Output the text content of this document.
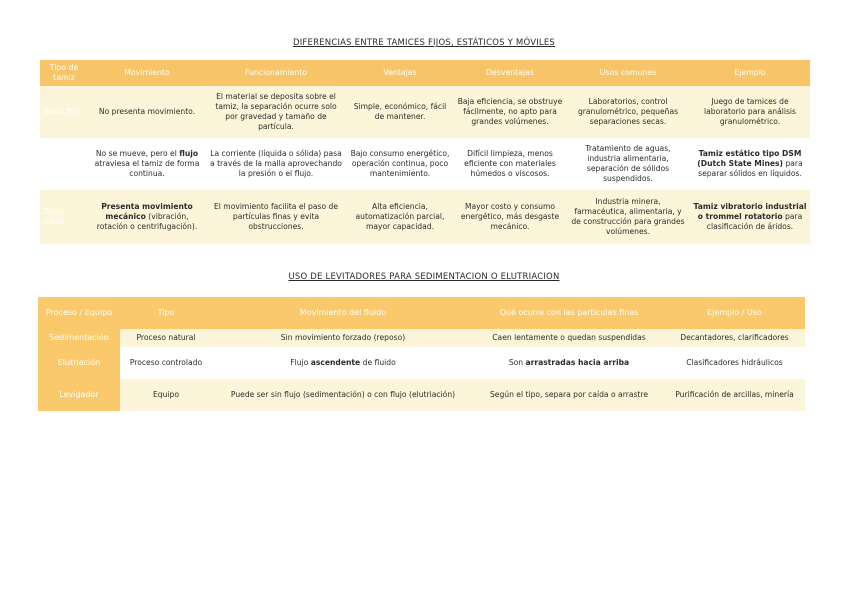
DIFERENCIAS ENTRE TAMICES FIJOS, ESTÁTICOS Y MÓVILES
Tipo de tamiz	Movimiento	Funcionamiento	Ventajas	Desventajas	Usos comunes	Ejemplo
Tamiz fijo	No presenta movimiento.	El material se deposita sobre el tamiz, la separación ocurre solo por gravedad y tamaño de partícula.	Simple, económico, fácil de mantener.	Baja eficiencia, se obstruye fácilmente, no apto para grandes volúmenes.	Laboratorios, control granulométrico, pequeñas separaciones secas.	Juego de tamices de laboratorio para análisis granulométrico.
Tamiz estático	No se mueve, pero el flujo atraviesa el tamiz de forma continua.	La corriente (líquida o sólida) pasa a través de la malla aprovechando la presión o el flujo.	Bajo consumo energético, operación continua, poco mantenimiento.	Difícil limpieza, menos eficiente con materiales húmedos o viscosos.	Tratamiento de aguas, industria alimentaria, separación de sólidos suspendidos.	Tamiz estático tipo DSM (Dutch State Mines) para separar sólidos en líquidos.
Tamiz móvil	Presenta movimiento mecánico (vibración, rotación o centrifugación).	El movimiento facilita el paso de partículas finas y evita obstrucciones.	Alta eficiencia, automatización parcial, mayor capacidad.	Mayor costo y consumo energético, más desgaste mecánico.	Industria minera, farmacéutica, alimentaria, y de construcción para grandes volúmenes.	Tamiz vibratorio industrial o trommel rotatorio para clasificación de áridos.
USO DE LEVITADORES PARA SEDIMENTACION O ELUTRIACION
Proceso / Equipo	Tipo	Movimiento del fluido	Qué ocurre con las partículas finas	Ejemplo / Uso
Sedimentación	Proceso natural	Sin movimiento forzado (reposo)	Caen lentamente o quedan suspendidas	Decantadores, clarificadores
Elutriación	Proceso controlado	Flujo ascendente de fluido	Son arrastradas hacia arriba	Clasificadores hidráulicos
Levigador	Equipo	Puede ser sin flujo (sedimentación) o con flujo (elutriación)	Según el tipo, separa por caída o arrastre	Purificación de arcillas, minería
